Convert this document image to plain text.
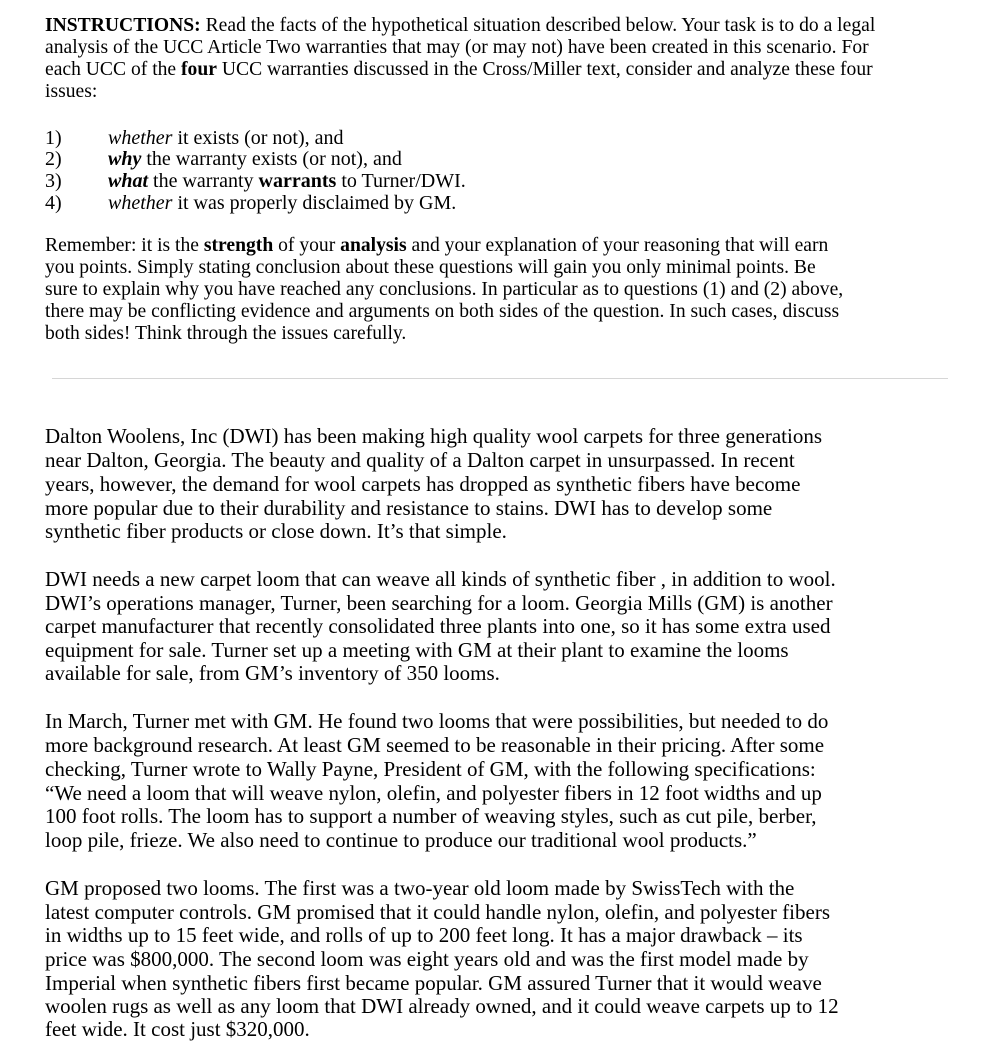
INSTRUCTIONS: Read the facts of the hypothetical situation described below. Your task is to do a legal
analysis of the UCC Article Two warranties that may (or may not) have been created in this scenario. For
each UCC of the four UCC warranties discussed in the Cross/Miller text, consider and analyze these four
issues:
1) whether it exists (or not), and
2) why the warranty exists (or not), and
3) what the warranty warrants to Turner/DWI.
4) whether it was properly disclaimed by GM.
Remember: it is the strength of your analysis and your explanation of your reasoning that will earn
you points. Simply stating conclusion about these questions will gain you only minimal points. Be
sure to explain why you have reached any conclusions. In particular as to questions (1) and (2) above,
there may be conflicting evidence and arguments on both sides of the question. In such cases, discuss
both sides! Think through the issues carefully.
Dalton Woolens, Inc (DWI) has been making high quality wool carpets for three generations
near Dalton, Georgia. The beauty and quality of a Dalton carpet in unsurpassed. In recent
years, however, the demand for wool carpets has dropped as synthetic fibers have become
more popular due to their durability and resistance to stains. DWI has to develop some
synthetic fiber products or close down. It’s that simple.
DWI needs a new carpet loom that can weave all kinds of synthetic fiber , in addition to wool.
DWI’s operations manager, Turner, been searching for a loom. Georgia Mills (GM) is another
carpet manufacturer that recently consolidated three plants into one, so it has some extra used
equipment for sale. Turner set up a meeting with GM at their plant to examine the looms
available for sale, from GM’s inventory of 350 looms.
In March, Turner met with GM. He found two looms that were possibilities, but needed to do
more background research. At least GM seemed to be reasonable in their pricing. After some
checking, Turner wrote to Wally Payne, President of GM, with the following specifications:
“We need a loom that will weave nylon, olefin, and polyester fibers in 12 foot widths and up
100 foot rolls. The loom has to support a number of weaving styles, such as cut pile, berber,
loop pile, frieze. We also need to continue to produce our traditional wool products.”
GM proposed two looms. The first was a two-year old loom made by SwissTech with the
latest computer controls. GM promised that it could handle nylon, olefin, and polyester fibers
in widths up to 15 feet wide, and rolls of up to 200 feet long. It has a major drawback – its
price was $800,000. The second loom was eight years old and was the first model made by
Imperial when synthetic fibers first became popular. GM assured Turner that it would weave
woolen rugs as well as any loom that DWI already owned, and it could weave carpets up to 12
feet wide. It cost just $320,000.
